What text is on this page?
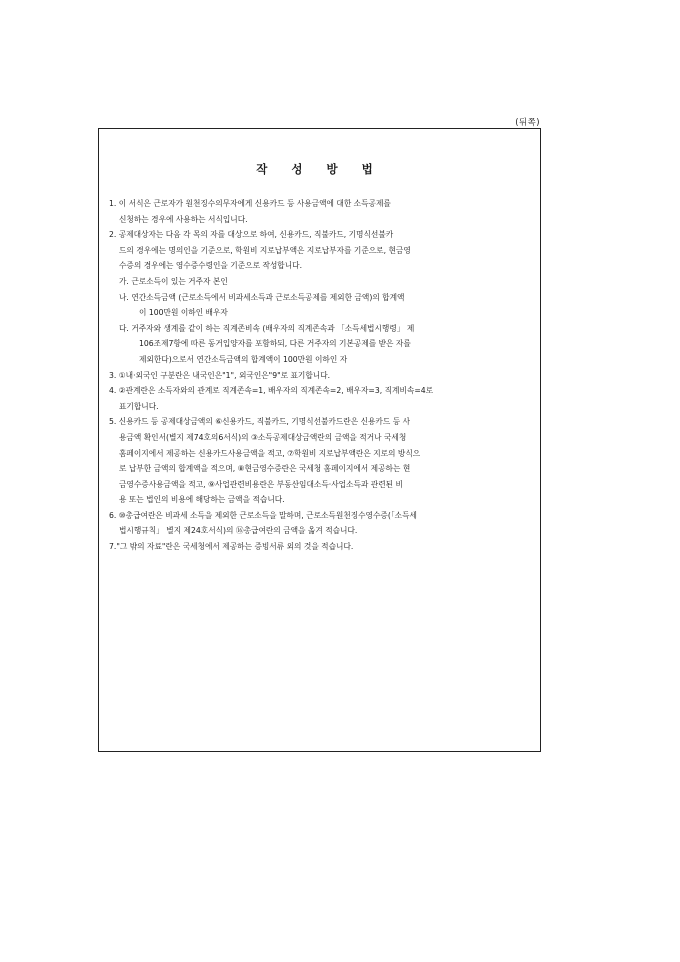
(뒤쪽)
작 성 방 법
1. 이 서식은 근로자가 원천징수의무자에게 신용카드 등 사용금액에 대한 소득공제를
신청하는 경우에 사용하는 서식입니다.
2. 공제대상자는 다음 각 목의 자를 대상으로 하여, 신용카드, 직불카드, 기명식선불카
드의 경우에는 명의인을 기준으로, 학원비 지로납부액은 지로납부자를 기준으로, 현금영
수증의 경우에는 영수증수령인을 기준으로 작성합니다.
가. 근로소득이 있는 거주자 본인
나. 연간소득금액 (근로소득에서 비과세소득과 근로소득공제를 제외한 금액)의 합계액
이 100만원 이하인 배우자
다. 거주자와 생계를 같이 하는 직계존비속 (배우자의 직계존속과 「소득세법시행령」 제
106조제7항에 따른 동거입양자를 포함하되, 다른 거주자의 기본공제를 받은 자를
제외한다)으로서 연간소득금액의 합계액이 100만원 이하인 자
3. ①내·외국인 구분란은 내국인은"1", 외국인은"9"로 표기합니다.
4. ②관계란은 소득자와의 관계로 직계존속=1, 배우자의 직계존속=2, 배우자=3, 직계비속=4로
표기합니다.
5. 신용카드 등 공제대상금액의 ⑥신용카드, 직불카드, 기명식선불카드란은 신용카드 등 사
용금액 확인서(별지 제74호의6서식)의 ③소득공제대상금액란의 금액을 적거나 국세청
홈페이지에서 제공하는 신용카드사용금액을 적고, ⑦학원비 지로납부액란은 지로의 방식으
로 납부한 금액의 합계액을 적으며, ⑧현금영수증란은 국세청 홈페이지에서 제공하는 현
금영수증사용금액을 적고, ⑨사업관련비용란은 부동산임대소득·사업소득과 관련된 비
용 또는 법인의 비용에 해당하는 금액을 적습니다.
6. ⑩총급여란은 비과세 소득을 제외한 근로소득을 말하며, 근로소득원천징수영수증(「소득세
법시행규칙」 별지 제24호서식)의 ⑯총급여란의 금액을 옮겨 적습니다.
7."그 밖의 자료"란은 국세청에서 제공하는 증빙서류 외의 것을 적습니다.
